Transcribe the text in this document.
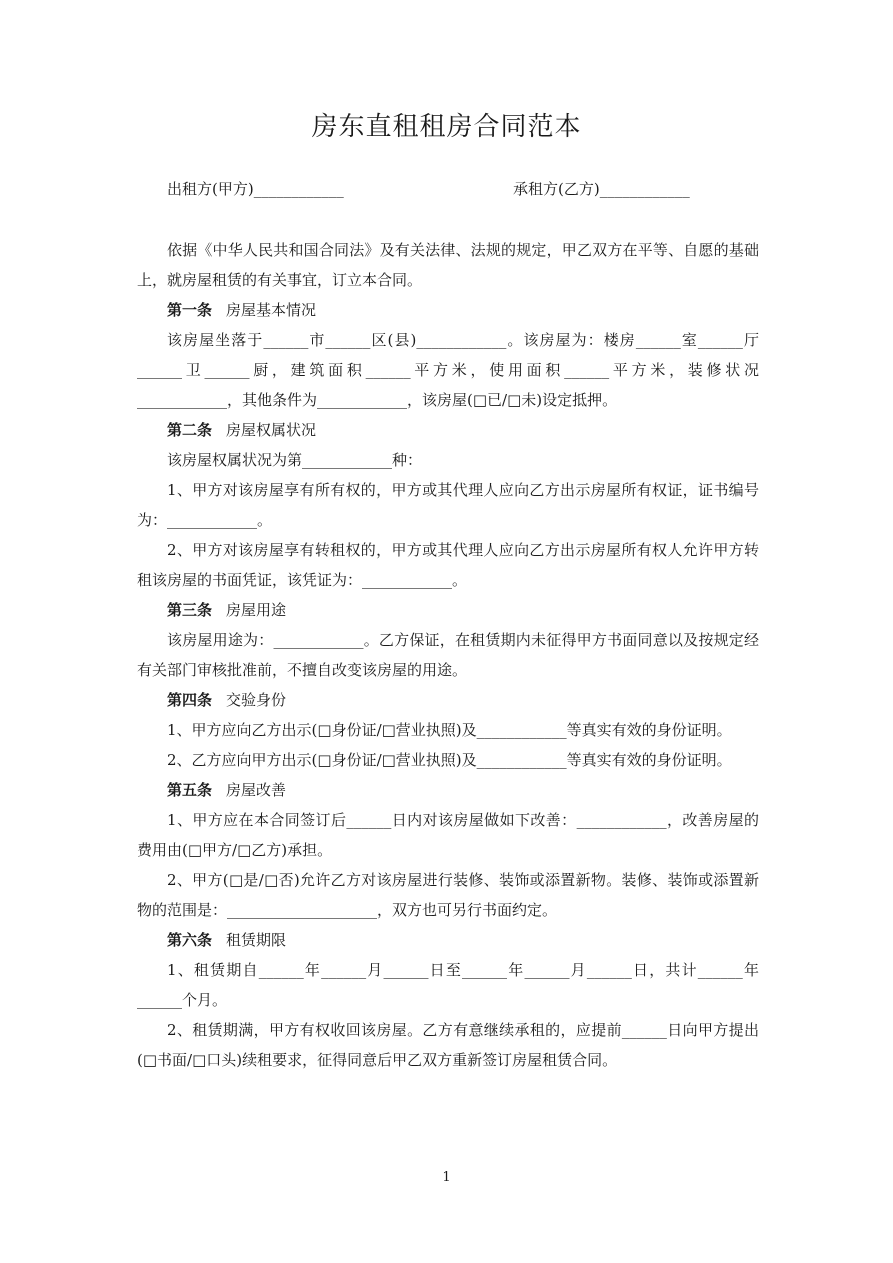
房东直租租房合同范本
出租方(甲方)____________	承租方(乙方)____________

依据《中华人民共和国合同法》及有关法律、法规的规定，甲乙双方在平等、自愿的基础上，就房屋租赁的有关事宜，订立本合同。

第一条 房屋基本情况

该房屋坐落于______市______区(县)____________。该房屋为：楼房______室______厅______卫______厨，建筑面积______平方米，使用面积______平方米，装修状况____________，其他条件为____________，该房屋(□已/□未)设定抵押。

第二条 房屋权属状况

该房屋权属状况为第____________种：

1、甲方对该房屋享有所有权的，甲方或其代理人应向乙方出示房屋所有权证，证书编号为：____________。

2、甲方对该房屋享有转租权的，甲方或其代理人应向乙方出示房屋所有权人允许甲方转租该房屋的书面凭证，该凭证为：____________。

第三条 房屋用途

该房屋用途为：____________。乙方保证，在租赁期内未征得甲方书面同意以及按规定经有关部门审核批准前，不擅自改变该房屋的用途。

第四条 交验身份

1、甲方应向乙方出示(□身份证/□营业执照)及____________等真实有效的身份证明。

2、乙方应向甲方出示(□身份证/□营业执照)及____________等真实有效的身份证明。

第五条 房屋改善

1、甲方应在本合同签订后______日内对该房屋做如下改善：____________，改善房屋的费用由(□甲方/□乙方)承担。

2、甲方(□是/□否)允许乙方对该房屋进行装修、装饰或添置新物。装修、装饰或添置新物的范围是：____________________，双方也可另行书面约定。

第六条 租赁期限

1、租赁期自______年______月______日至______年______月______日，共计______年______个月。

2、租赁期满，甲方有权收回该房屋。乙方有意继续承租的，应提前______日向甲方提出(□书面/□口头)续租要求，征得同意后甲乙双方重新签订房屋租赁合同。

1
